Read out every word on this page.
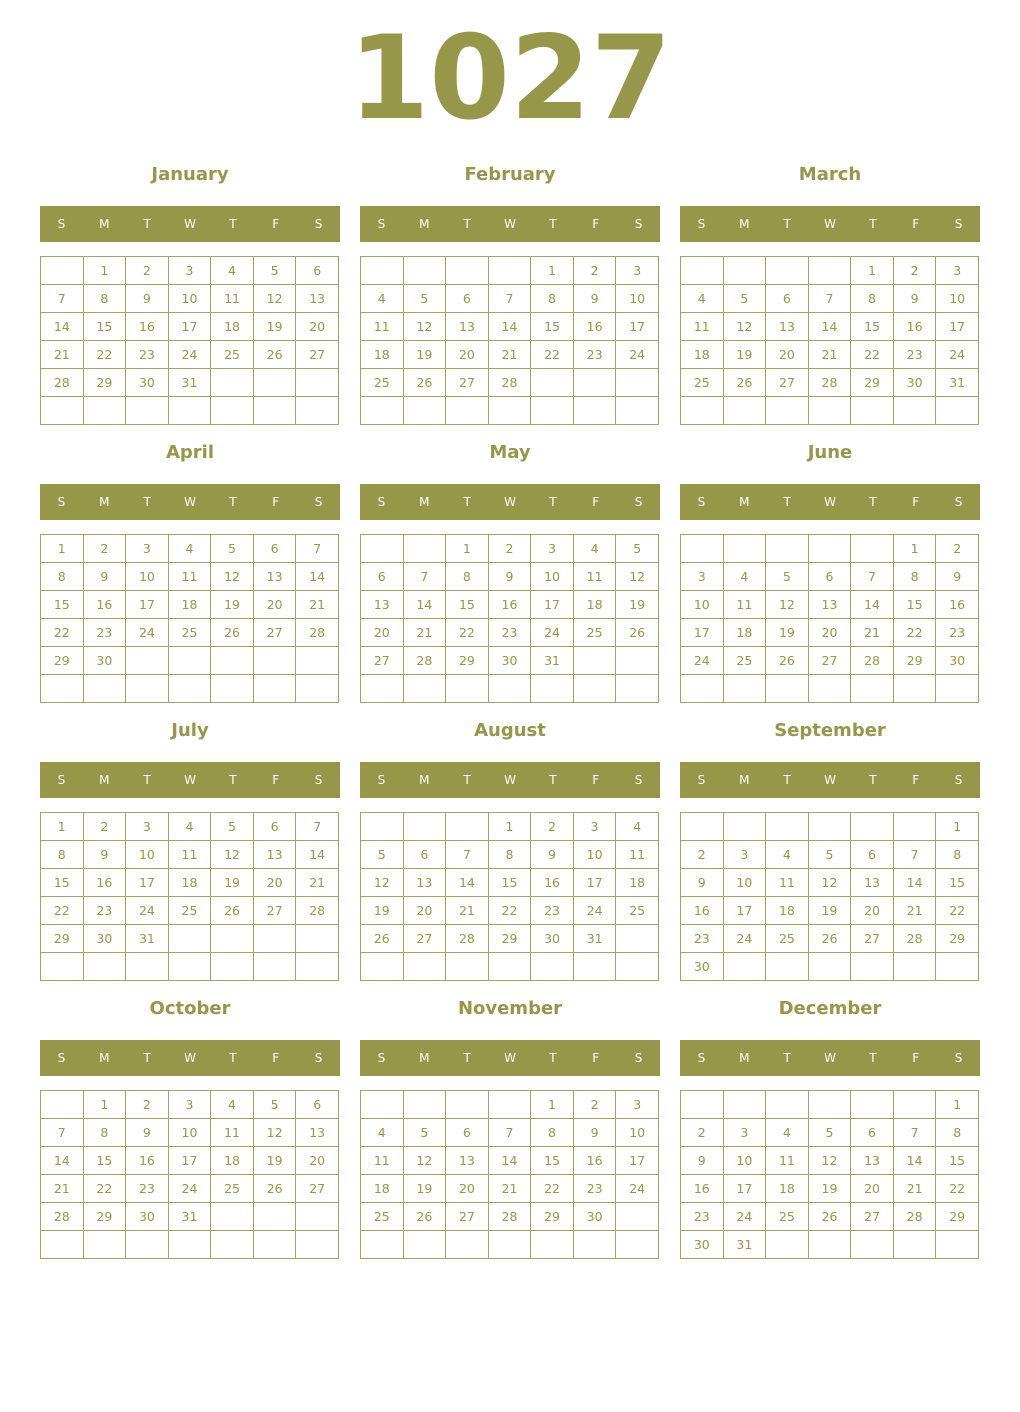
1027
January
S	M	T	W	T	F	S
	1	2	3	4	5	6
7	8	9	10	11	12	13
14	15	16	17	18	19	20
21	22	23	24	25	26	27
28	29	30	31			

February
S	M	T	W	T	F	S
				1	2	3
4	5	6	7	8	9	10
11	12	13	14	15	16	17
18	19	20	21	22	23	24
25	26	27	28			

March
S	M	T	W	T	F	S
				1	2	3
4	5	6	7	8	9	10
11	12	13	14	15	16	17
18	19	20	21	22	23	24
25	26	27	28	29	30	31

April
S	M	T	W	T	F	S
1	2	3	4	5	6	7
8	9	10	11	12	13	14
15	16	17	18	19	20	21
22	23	24	25	26	27	28
29	30					

May
S	M	T	W	T	F	S
		1	2	3	4	5
6	7	8	9	10	11	12
13	14	15	16	17	18	19
20	21	22	23	24	25	26
27	28	29	30	31		

June
S	M	T	W	T	F	S
					1	2
3	4	5	6	7	8	9
10	11	12	13	14	15	16
17	18	19	20	21	22	23
24	25	26	27	28	29	30

July
S	M	T	W	T	F	S
1	2	3	4	5	6	7
8	9	10	11	12	13	14
15	16	17	18	19	20	21
22	23	24	25	26	27	28
29	30	31				

August
S	M	T	W	T	F	S
			1	2	3	4
5	6	7	8	9	10	11
12	13	14	15	16	17	18
19	20	21	22	23	24	25
26	27	28	29	30	31	

September
S	M	T	W	T	F	S
						1
2	3	4	5	6	7	8
9	10	11	12	13	14	15
16	17	18	19	20	21	22
23	24	25	26	27	28	29
30						
October
S	M	T	W	T	F	S
	1	2	3	4	5	6
7	8	9	10	11	12	13
14	15	16	17	18	19	20
21	22	23	24	25	26	27
28	29	30	31			

November
S	M	T	W	T	F	S
				1	2	3
4	5	6	7	8	9	10
11	12	13	14	15	16	17
18	19	20	21	22	23	24
25	26	27	28	29	30	

December
S	M	T	W	T	F	S
						1
2	3	4	5	6	7	8
9	10	11	12	13	14	15
16	17	18	19	20	21	22
23	24	25	26	27	28	29
30	31					
